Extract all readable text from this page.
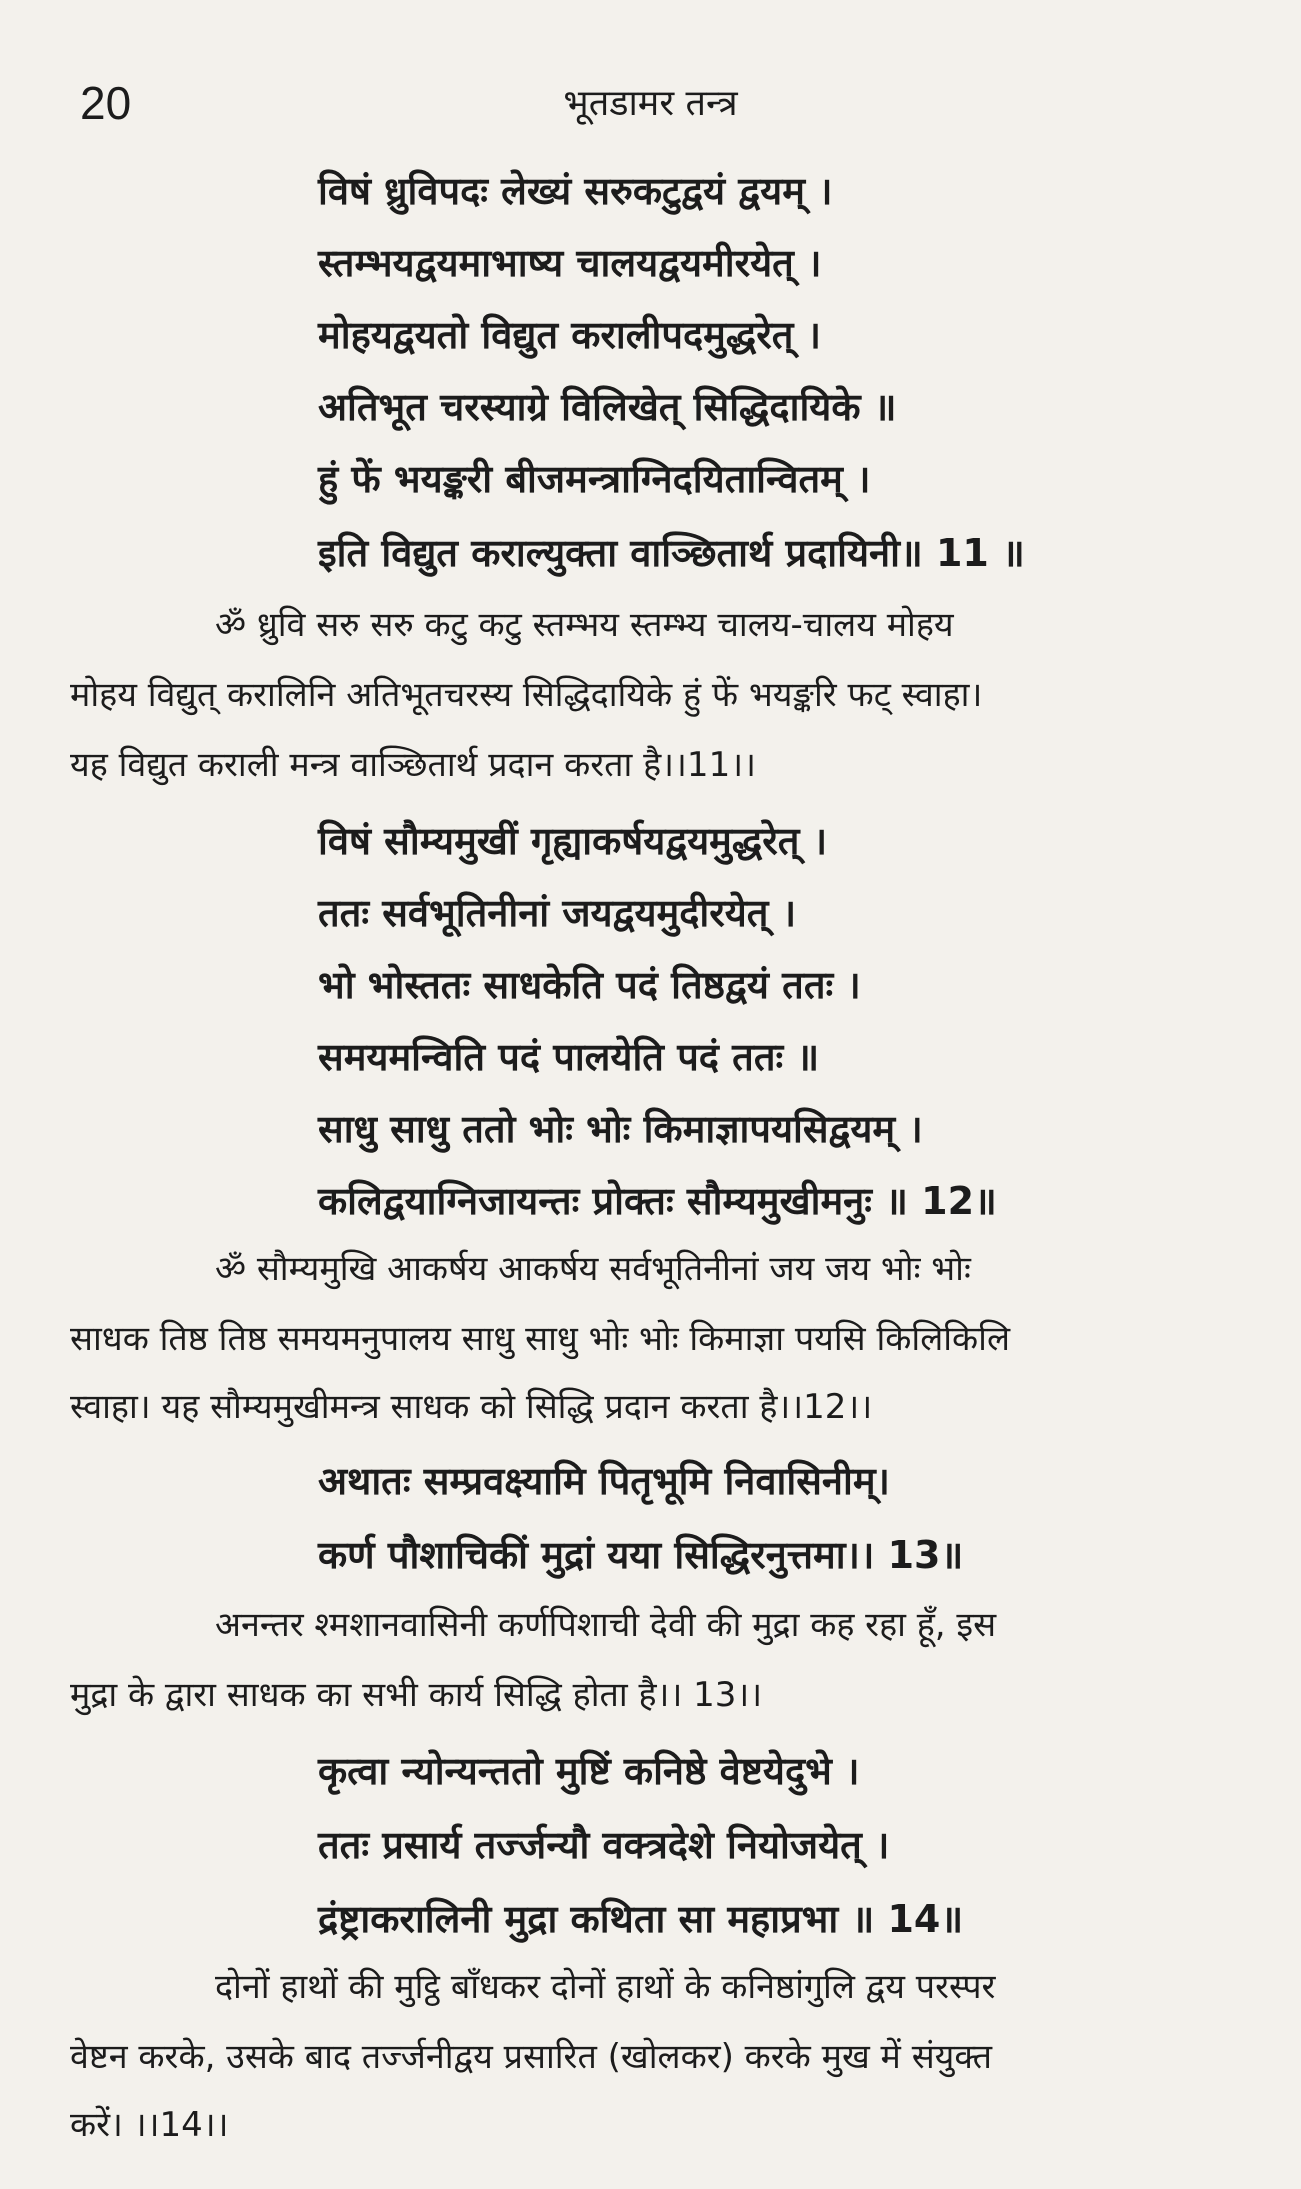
20	भूतडामर तन्त्र
विषं ध्रुविपदः लेख्यं सरुकटुद्वयं द्वयम् ।
स्तम्भयद्वयमाभाष्य चालयद्वयमीरयेत् ।
मोहयद्वयतो विद्युत करालीपदमुद्धरेत् ।
अतिभूत चरस्याग्रे विलिखेत् सिद्धिदायिके ॥
हुं फें भयङ्करी बीजमन्त्राग्निदयितान्वितम् ।
इति विद्युत कराल्युक्ता वाञ्छितार्थ प्रदायिनी॥ 11 ॥
ॐ ध्रुवि सरु सरु कटु कटु स्तम्भय स्तम्भ्य चालय-चालय मोहय
मोहय विद्युत् करालिनि अतिभूतचरस्य सिद्धिदायिके हुं फें भयङ्करि फट् स्वाहा।
यह विद्युत कराली मन्त्र वाञ्छितार्थ प्रदान करता है।।11।।
विषं सौम्यमुखीं गृह्याकर्षयद्वयमुद्धरेत् ।
ततः सर्वभूतिनीनां जयद्वयमुदीरयेत् ।
भो भोस्ततः साधकेति पदं तिष्ठद्वयं ततः ।
समयमन्विति पदं पालयेति पदं ततः ॥
साधु साधु ततो भोः भोः किमाज्ञापयसिद्वयम् ।
कलिद्वयाग्निजायन्तः प्रोक्तः सौम्यमुखीमनुः ॥ 12॥
ॐ सौम्यमुखि आकर्षय आकर्षय सर्वभूतिनीनां जय जय भोः भोः
साधक तिष्ठ तिष्ठ समयमनुपालय साधु साधु भोः भोः किमाज्ञा पयसि किलिकिलि
स्वाहा। यह सौम्यमुखीमन्त्र साधक को सिद्धि प्रदान करता है।।12।।
अथातः सम्प्रवक्ष्यामि पितृभूमि निवासिनीम्।
कर्ण पौशाचिकीं मुद्रां यया सिद्धिरनुत्तमा।। 13॥
अनन्तर श्मशानवासिनी कर्णपिशाची देवी की मुद्रा कह रहा हूँ, इस
मुद्रा के द्वारा साधक का सभी कार्य सिद्धि होता है।। 13।।
कृत्वा न्योन्यन्ततो मुष्टिं कनिष्ठे वेष्टयेदुभे ।
ततः प्रसार्य तर्ज्जन्यौ वक्त्रदेशे नियोजयेत् ।
द्रंष्ट्राकरालिनी मुद्रा कथिता सा महाप्रभा ॥ 14॥
दोनों हाथों की मुट्ठि बाँधकर दोनों हाथों के कनिष्ठांगुलि द्वय परस्पर
वेष्टन करके, उसके बाद तर्ज्जनीद्वय प्रसारित (खोलकर) करके मुख में संयुक्त
करें। ।।14।।
